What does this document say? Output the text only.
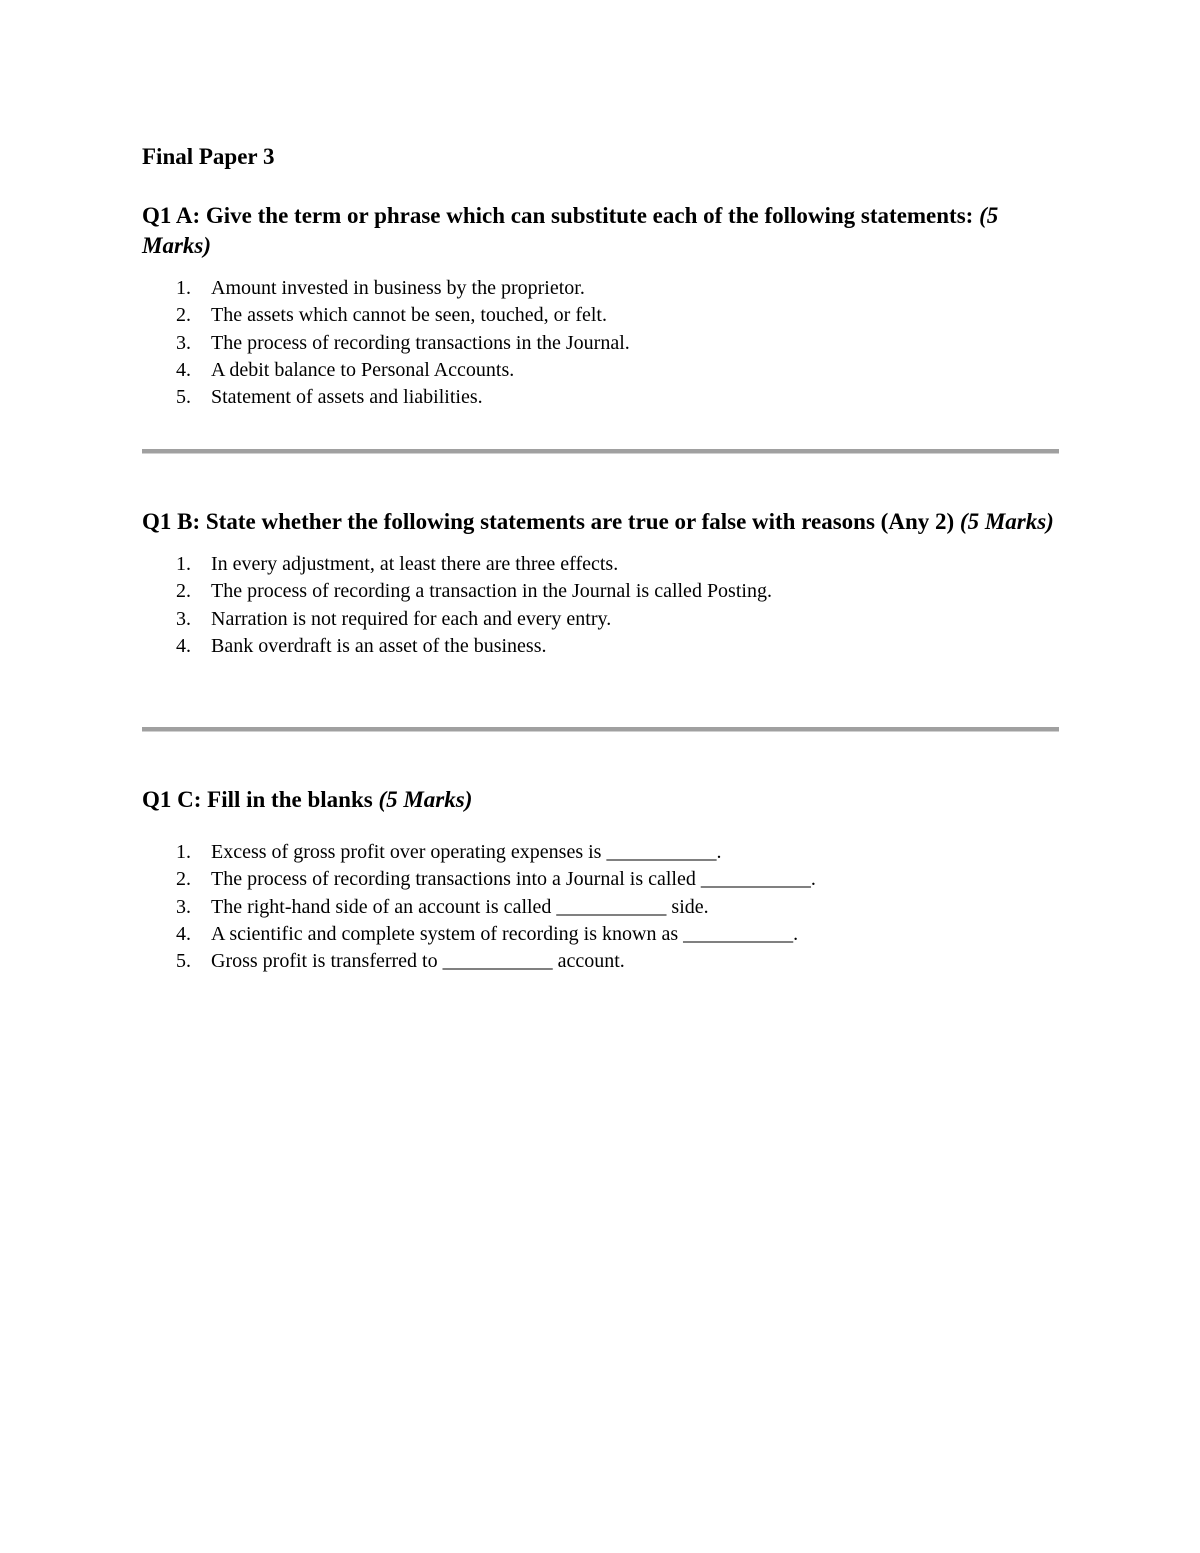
Final Paper 3

Q1 A: Give the term or phrase which can substitute each of the following statements: (5 Marks)

1. Amount invested in business by the proprietor.
2. The assets which cannot be seen, touched, or felt.
3. The process of recording transactions in the Journal.
4. A debit balance to Personal Accounts.
5. Statement of assets and liabilities.

Q1 B: State whether the following statements are true or false with reasons (Any 2) (5 Marks)

1. In every adjustment, at least there are three effects.
2. The process of recording a transaction in the Journal is called Posting.
3. Narration is not required for each and every entry.
4. Bank overdraft is an asset of the business.

Q1 C: Fill in the blanks (5 Marks)

1. Excess of gross profit over operating expenses is ___________.
2. The process of recording transactions into a Journal is called ___________.
3. The right-hand side of an account is called ___________ side.
4. A scientific and complete system of recording is known as ___________.
5. Gross profit is transferred to ___________ account.
